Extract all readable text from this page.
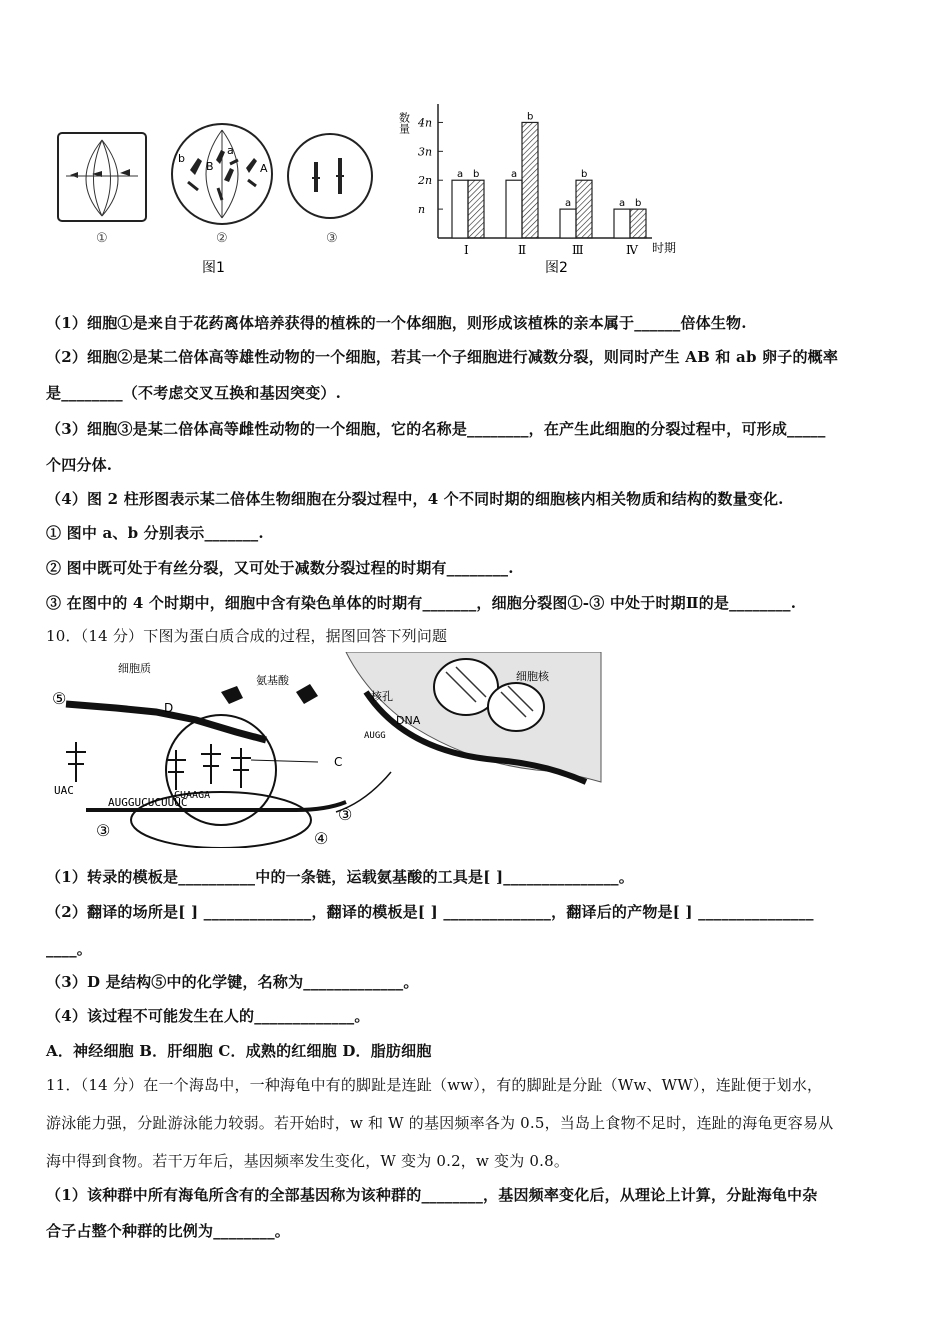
b
B
a
A
①	②	③
图1
4n
3n
2n
n
a b
Ⅰ
a
b
Ⅱ
a
b
Ⅲ
a b
Ⅳ
数量
时期
图2
（1）细胞①是来自于花药离体培养获得的植株的一个体细胞，则形成该植株的亲本属于______倍体生物.
（2）细胞②是某二倍体高等雄性动物的一个细胞，若其一个子细胞进行减数分裂，则同时产生 AB 和 ab 卵子的概率
是________（不考虑交叉互换和基因突变）.
（3）细胞③是某二倍体高等雌性动物的一个细胞，它的名称是________，在产生此细胞的分裂过程中，可形成_____
个四分体.
（4）图 2 柱形图表示某二倍体生物细胞在分裂过程中，4 个不同时期的细胞核内相关物质和结构的数量变化.
① 图中 a、b 分别表示_______.
② 图中既可处于有丝分裂，又可处于减数分裂过程的时期有________.
③ 在图中的 4 个时期中，细胞中含有染色单体的时期有_______，细胞分裂图①-③ 中处于时期Ⅱ的是________.
10．（14 分）下图为蛋白质合成的过程，据图回答下列问题
细胞质
氨基酸	细胞核
核孔
DNA
D
C
⑤
③	④
③
UAC	CUAAGA
AUGGUCUCUUUC
AUGG
（1）转录的模板是__________中的一条链，运载氨基酸的工具是[ ]_______________。
（2）翻译的场所是[ ] ______________，翻译的模板是[ ] ______________，翻译后的产物是[ ] _______________
____。
（3）D 是结构⑤中的化学键，名称为_____________。
（4）该过程不可能发生在人的_____________。
A．神经细胞 B．肝细胞 C．成熟的红细胞 D．脂肪细胞
11．（14 分）在一个海岛中，一种海龟中有的脚趾是连趾（ww），有的脚趾是分趾（Ww、WW），连趾便于划水，
游泳能力强，分趾游泳能力较弱。若开始时，w 和 W 的基因频率各为 0.5，当岛上食物不足时，连趾的海龟更容易从
海中得到食物。若干万年后，基因频率发生变化，W 变为 0.2，w 变为 0.8。
（1）该种群中所有海龟所含有的全部基因称为该种群的________，基因频率变化后，从理论上计算，分趾海龟中杂
合子占整个种群的比例为________。
